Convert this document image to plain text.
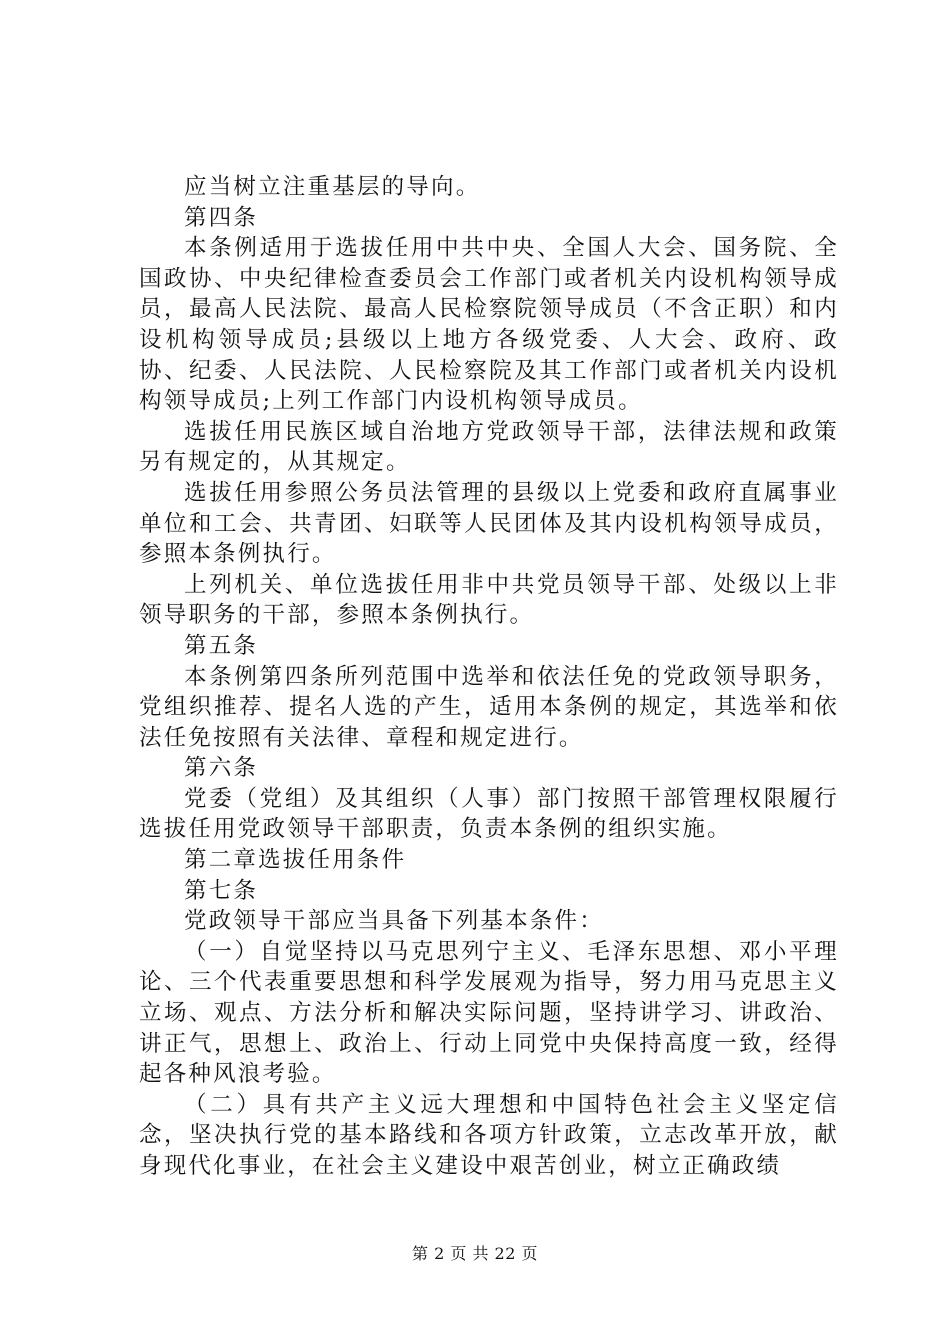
应当树立注重基层的导向。

第四条

本条例适用于选拔任用中共中央、全国人大会、国务院、全国政协、中央纪律检查委员会工作部门或者机关内设机构领导成员，最高人民法院、最高人民检察院领导成员（不含正职）和内设机构领导成员;县级以上地方各级党委、人大会、政府、政协、纪委、人民法院、人民检察院及其工作部门或者机关内设机构领导成员;上列工作部门内设机构领导成员。

选拔任用民族区域自治地方党政领导干部，法律法规和政策另有规定的，从其规定。

选拔任用参照公务员法管理的县级以上党委和政府直属事业单位和工会、共青团、妇联等人民团体及其内设机构领导成员，参照本条例执行。

上列机关、单位选拔任用非中共党员领导干部、处级以上非领导职务的干部，参照本条例执行。

第五条

本条例第四条所列范围中选举和依法任免的党政领导职务，党组织推荐、提名人选的产生，适用本条例的规定，其选举和依法任免按照有关法律、章程和规定进行。

第六条

党委（党组）及其组织（人事）部门按照干部管理权限履行选拔任用党政领导干部职责，负责本条例的组织实施。

第二章选拔任用条件

第七条

党政领导干部应当具备下列基本条件：

（一）自觉坚持以马克思列宁主义、毛泽东思想、邓小平理论、三个代表重要思想和科学发展观为指导，努力用马克思主义立场、观点、方法分析和解决实际问题，坚持讲学习、讲政治、讲正气，思想上、政治上、行动上同党中央保持高度一致，经得起各种风浪考验。

（二）具有共产主义远大理想和中国特色社会主义坚定信念，坚决执行党的基本路线和各项方针政策，立志改革开放，献身现代化事业，在社会主义建设中艰苦创业，树立正确政绩

第 2 页 共 22 页
